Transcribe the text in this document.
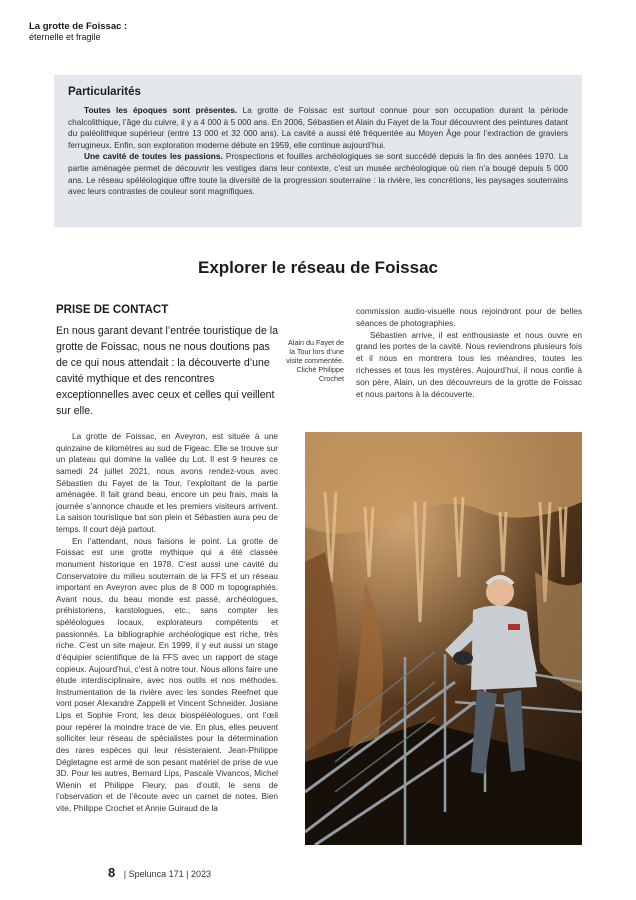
La grotte de Foissac :
éternelle et fragile
Particularités

Toutes les époques sont présentes. La grotte de Foissac est surtout connue pour son occupation durant la période chalcolithique, l’âge du cuivre, il y a 4 000 à 5 000 ans. En 2006, Sébastien et Alain du Fayet de la Tour découvrent des peintures datant du paléolithique supérieur (entre 13 000 et 32 000 ans). La cavité a aussi été fréquentée au Moyen Âge pour l’extraction de graviers ferrugineux. Enfin, son exploration moderne débute en 1959, elle continue aujourd’hui.

Une cavité de toutes les passions. Prospections et fouilles archéologiques se sont succédé depuis la fin des années 1970. La partie aménagée permet de découvrir les vestiges dans leur contexte, c’est un musée archéologique où rien n’a bougé depuis 5 000 ans. Le réseau spéléologique offre toute la diversité de la progression souterraine : la rivière, les concrétions, les paysages souterrains avec leurs contrastes de couleur sont magnifiques.

Explorer le réseau de Foissac
PRISE DE CONTACT
En nous garant devant l’entrée touristique de la grotte de Foissac, nous ne nous doutions pas de ce qui nous attendait : la découverte d’une cavité mythique et des rencontres exceptionnelles avec ceux et celles qui veillent sur elle.
Alain du Fayet de la Tour lors d’une visite commentée. Cliché Philippe Crochet

commission audio-visuelle nous rejoindront pour de belles séances de photographies.

Sébastien arrive, il est enthousiaste et nous ouvre en grand les portes de la cavité. Nous reviendrons plusieurs fois et il nous en montrera tous les méandres, toutes les richesses et tous les mystères. Aujourd’hui, il nous confie à son père, Alain, un des découvreurs de la grotte de Foissac et nous partons à la découverte.

La grotte de Foissac, en Aveyron, est située à une quinzaine de kilomètres au sud de Figeac. Elle se trouve sur un plateau qui domine la vallée du Lot. Il est 9 heures ce samedi 24 juillet 2021, nous avons rendez-vous avec Sébastien du Fayet de la Tour, l’exploitant de la partie aménagée. Il fait grand beau, encore un peu frais, mais la journée s’annonce chaude et les premiers visiteurs arrivent. La saison touristique bat son plein et Sébastien aura peu de temps. Il court déjà partout.

En l’attendant, nous faisons le point. La grotte de Foissac est une grotte mythique qui a été classée monument historique en 1978. C’est aussi une cavité du Conservatoire du milieu souterrain de la FFS et un réseau important en Aveyron avec plus de 8 000 m topographiés. Avant nous, du beau monde est passé, archéologues, préhistoriens, karstologues, etc., sans compter les spéléologues locaux, explorateurs compétents et passionnés. La bibliographie archéologique est riche, très riche. C’est un site majeur. En 1999, il y eut aussi un stage d’équipier scientifique de la FFS avec un rapport de stage copieux. Aujourd’hui, c’est à notre tour. Nous allons faire une étude interdisciplinaire, avec nos outils et nos méthodes. Instrumentation de la rivière avec les sondes Reefnet que vont poser Alexandre Zappelli et Vincent Schneider. Josiane Lips et Sophie Front, les deux biospéléologues, ont l’œil pour repérer la moindre trace de vie. En plus, elles peuvent solliciter leur réseau de spécialistes pour la détermination des rares espèces qui leur résisteraient. Jean-Philippe Dégletagne est armé de son pesant matériel de prise de vue 3D. Pour les autres, Bernard Lips, Pascale Vivancos, Michel Wienin et Philippe Fleury, pas d’outil, le sens de l’observation et de l’écoute avec un carnet de notes. Bien vite, Philippe Crochet et Annie Guiraud de la

8 | Spelunca 171 | 2023
